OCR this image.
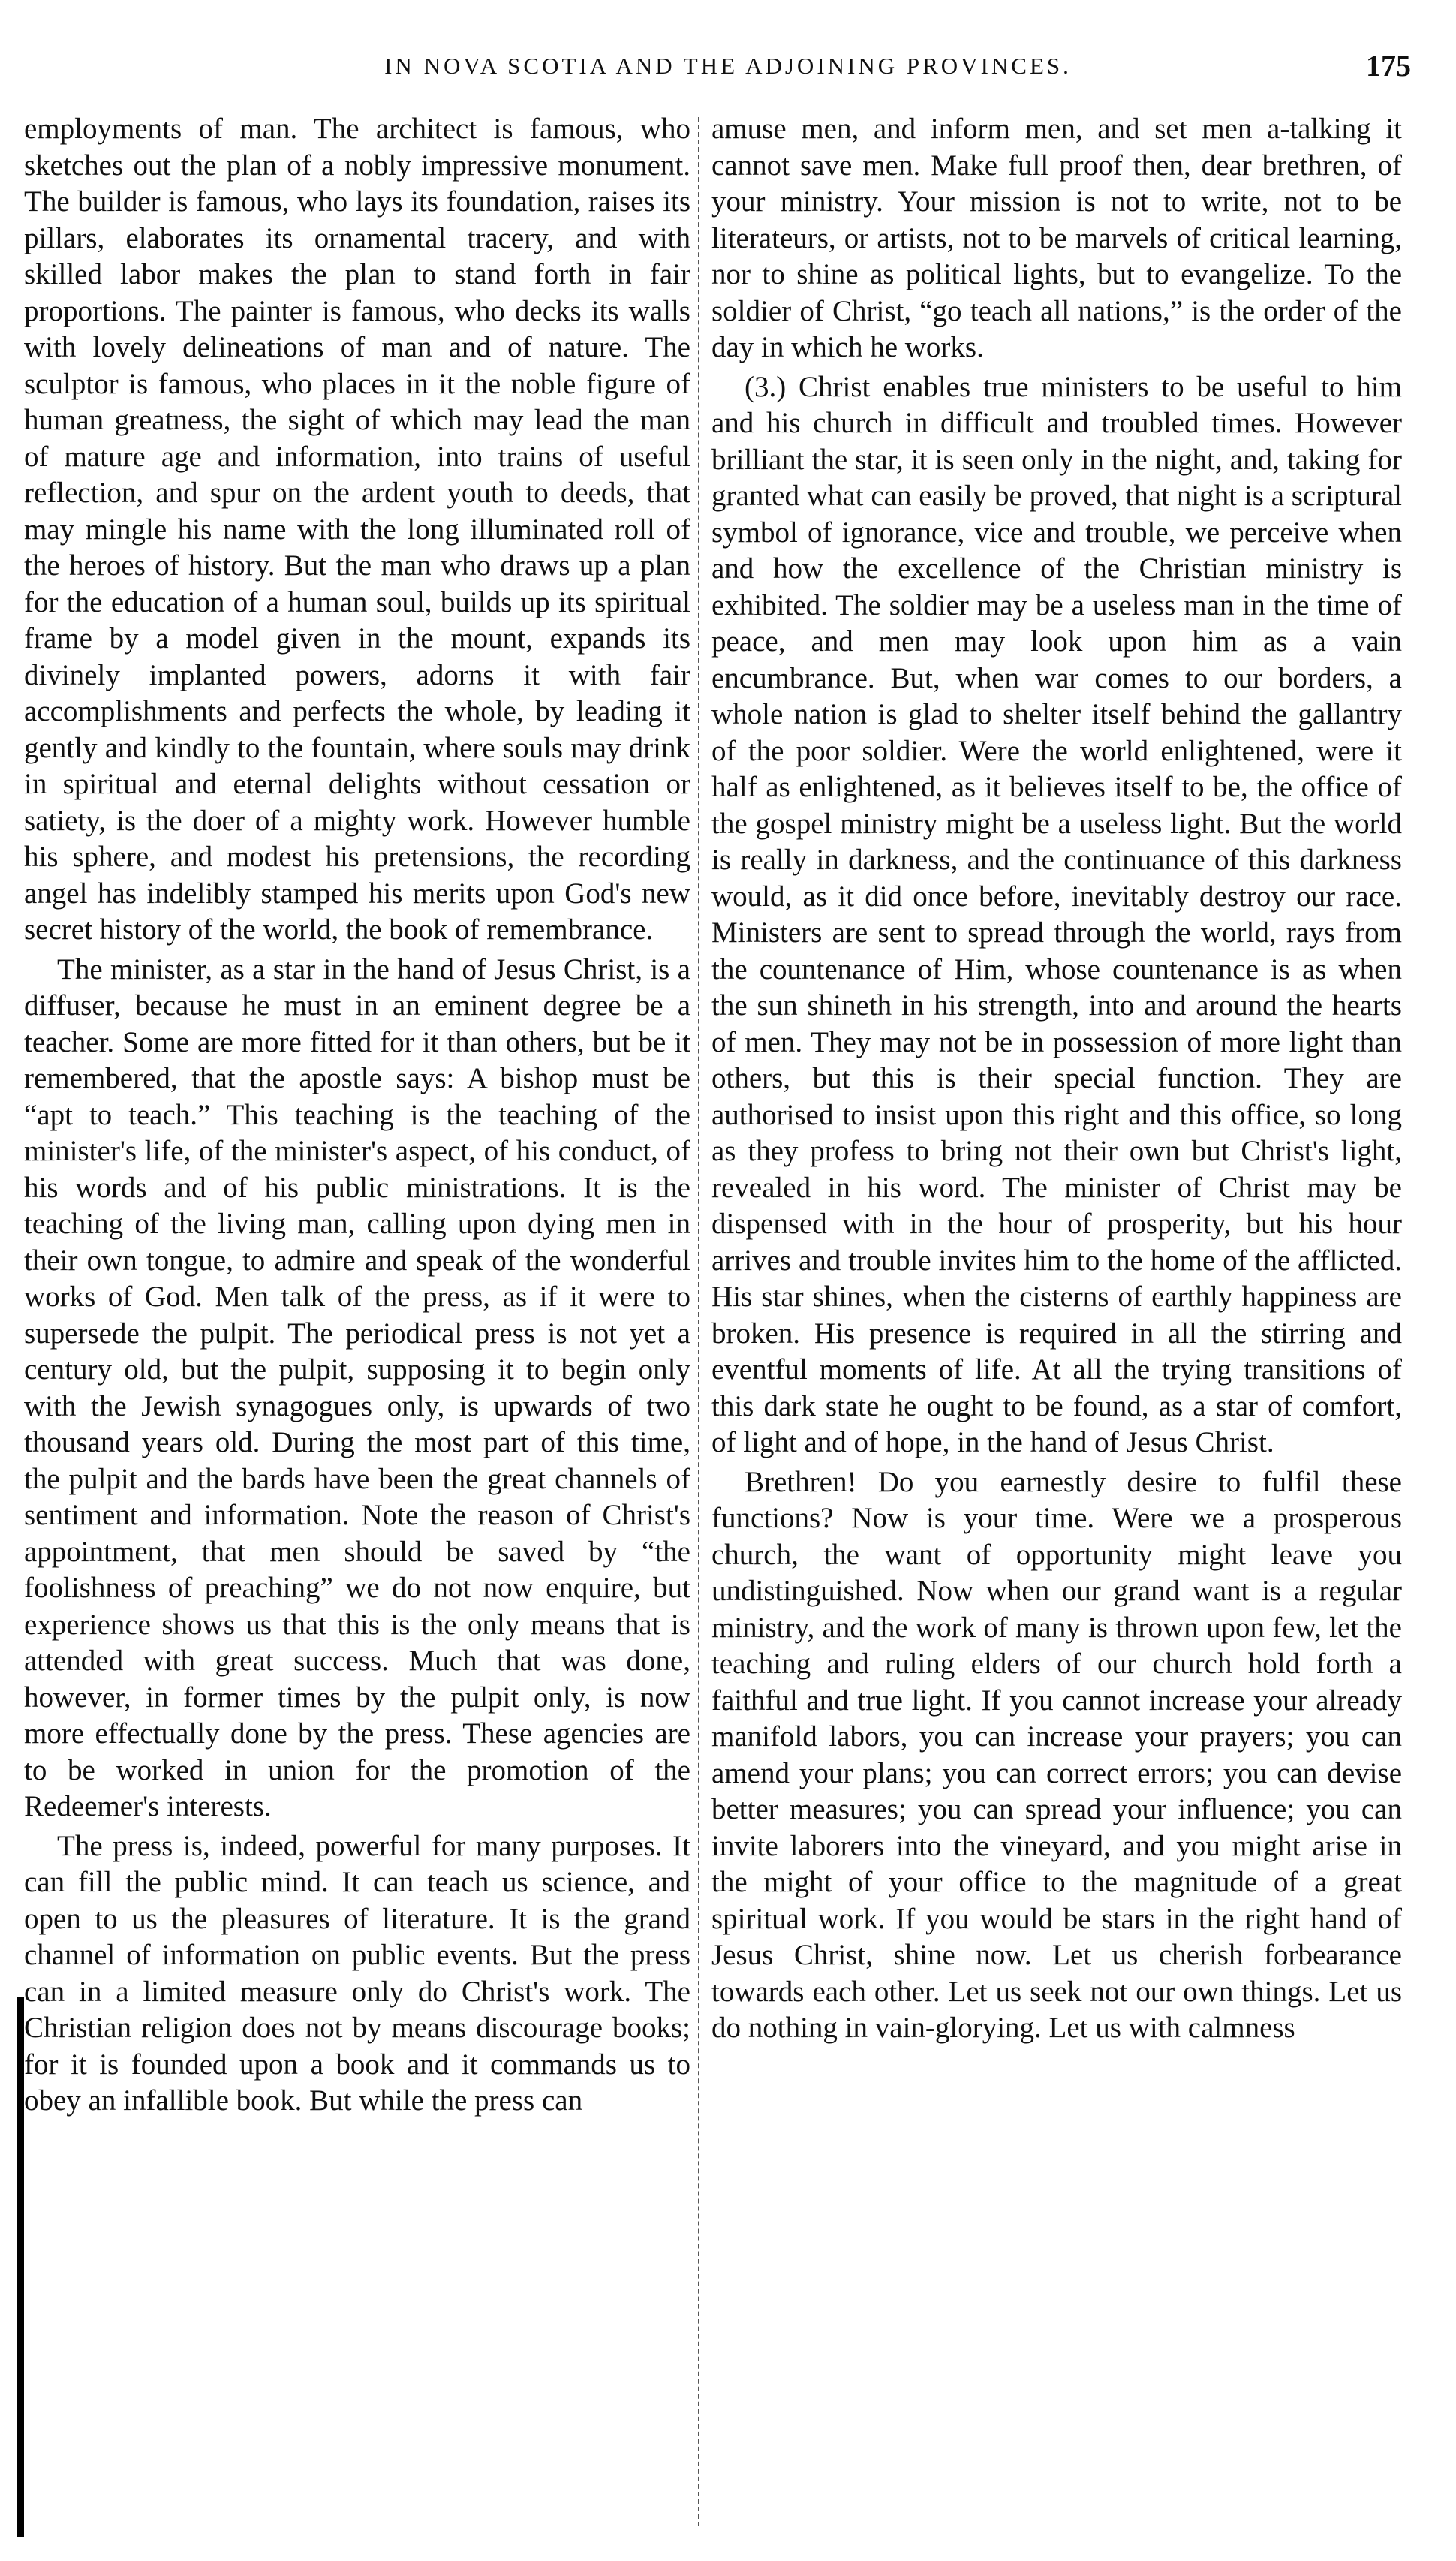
IN NOVA SCOTIA AND THE ADJOINING PROVINCES.	175

employments of man. The architect is famous, who sketches out the plan of a nobly impressive monument. The builder is famous, who lays its foundation, raises its pillars, elaborates its ornamental tracery, and with skilled labor makes the plan to stand forth in fair proportions. The painter is famous, who decks its walls with lovely delineations of man and of nature. The sculptor is famous, who places in it the noble figure of human greatness, the sight of which may lead the man of mature age and information, into trains of useful reflection, and spur on the ardent youth to deeds, that may mingle his name with the long illuminated roll of the heroes of history. But the man who draws up a plan for the education of a human soul, builds up its spiritual frame by a model given in the mount, expands its divinely implanted powers, adorns it with fair accomplishments and perfects the whole, by leading it gently and kindly to the fountain, where souls may drink in spiritual and eternal delights without cessation or satiety, is the doer of a mighty work. However humble his sphere, and modest his pretensions, the recording angel has indelibly stamped his merits upon God's new secret history of the world, the book of remembrance.

The minister, as a star in the hand of Jesus Christ, is a diffuser, because he must in an eminent degree be a teacher. Some are more fitted for it than others, but be it remembered, that the apostle says: A bishop must be “apt to teach.” This teaching is the teaching of the minister's life, of the minister's aspect, of his conduct, of his words and of his public ministrations. It is the teaching of the living man, calling upon dying men in their own tongue, to admire and speak of the wonderful works of God. Men talk of the press, as if it were to supersede the pulpit. The periodical press is not yet a century old, but the pulpit, supposing it to begin only with the Jewish synagogues only, is upwards of two thousand years old. During the most part of this time, the pulpit and the bards have been the great channels of sentiment and information. Note the reason of Christ's appointment, that men should be saved by “the foolishness of preaching” we do not now enquire, but experience shows us that this is the only means that is attended with great success. Much that was done, however, in former times by the pulpit only, is now more effectually done by the press. These agencies are to be worked in union for the promotion of the Redeemer's interests.

The press is, indeed, powerful for many purposes. It can fill the public mind. It can teach us science, and open to us the pleasures of literature. It is the grand channel of information on public events. But the press can in a limited measure only do Christ's work. The Christian religion does not by means discourage books; for it is founded upon a book and it commands us to obey an infallible book. But while the press can

amuse men, and inform men, and set men a-talking it cannot save men. Make full proof then, dear brethren, of your ministry. Your mission is not to write, not to be literateurs, or artists, not to be marvels of critical learning, nor to shine as political lights, but to evangelize. To the soldier of Christ, “go teach all nations,” is the order of the day in which he works.

(3.) Christ enables true ministers to be useful to him and his church in difficult and troubled times. However brilliant the star, it is seen only in the night, and, taking for granted what can easily be proved, that night is a scriptural symbol of ignorance, vice and trouble, we perceive when and how the excellence of the Christian ministry is exhibited. The soldier may be a useless man in the time of peace, and men may look upon him as a vain encumbrance. But, when war comes to our borders, a whole nation is glad to shelter itself behind the gallantry of the poor soldier. Were the world enlightened, were it half as enlightened, as it believes itself to be, the office of the gospel ministry might be a useless light. But the world is really in darkness, and the continuance of this darkness would, as it did once before, inevitably destroy our race. Ministers are sent to spread through the world, rays from the countenance of Him, whose countenance is as when the sun shineth in his strength, into and around the hearts of men. They may not be in possession of more light than others, but this is their special function. They are authorised to insist upon this right and this office, so long as they profess to bring not their own but Christ's light, revealed in his word. The minister of Christ may be dispensed with in the hour of prosperity, but his hour arrives and trouble invites him to the home of the afflicted. His star shines, when the cisterns of earthly happiness are broken. His presence is required in all the stirring and eventful moments of life. At all the trying transitions of this dark state he ought to be found, as a star of comfort, of light and of hope, in the hand of Jesus Christ.

Brethren! Do you earnestly desire to fulfil these functions? Now is your time. Were we a prosperous church, the want of opportunity might leave you undistinguished. Now when our grand want is a regular ministry, and the work of many is thrown upon few, let the teaching and ruling elders of our church hold forth a faithful and true light. If you cannot increase your already manifold labors, you can increase your prayers; you can amend your plans; you can correct errors; you can devise better measures; you can spread your influence; you can invite laborers into the vineyard, and you might arise in the might of your office to the magnitude of a great spiritual work. If you would be stars in the right hand of Jesus Christ, shine now. Let us cherish forbearance towards each other. Let us seek not our own things. Let us do nothing in vain-glorying. Let us with calmness
